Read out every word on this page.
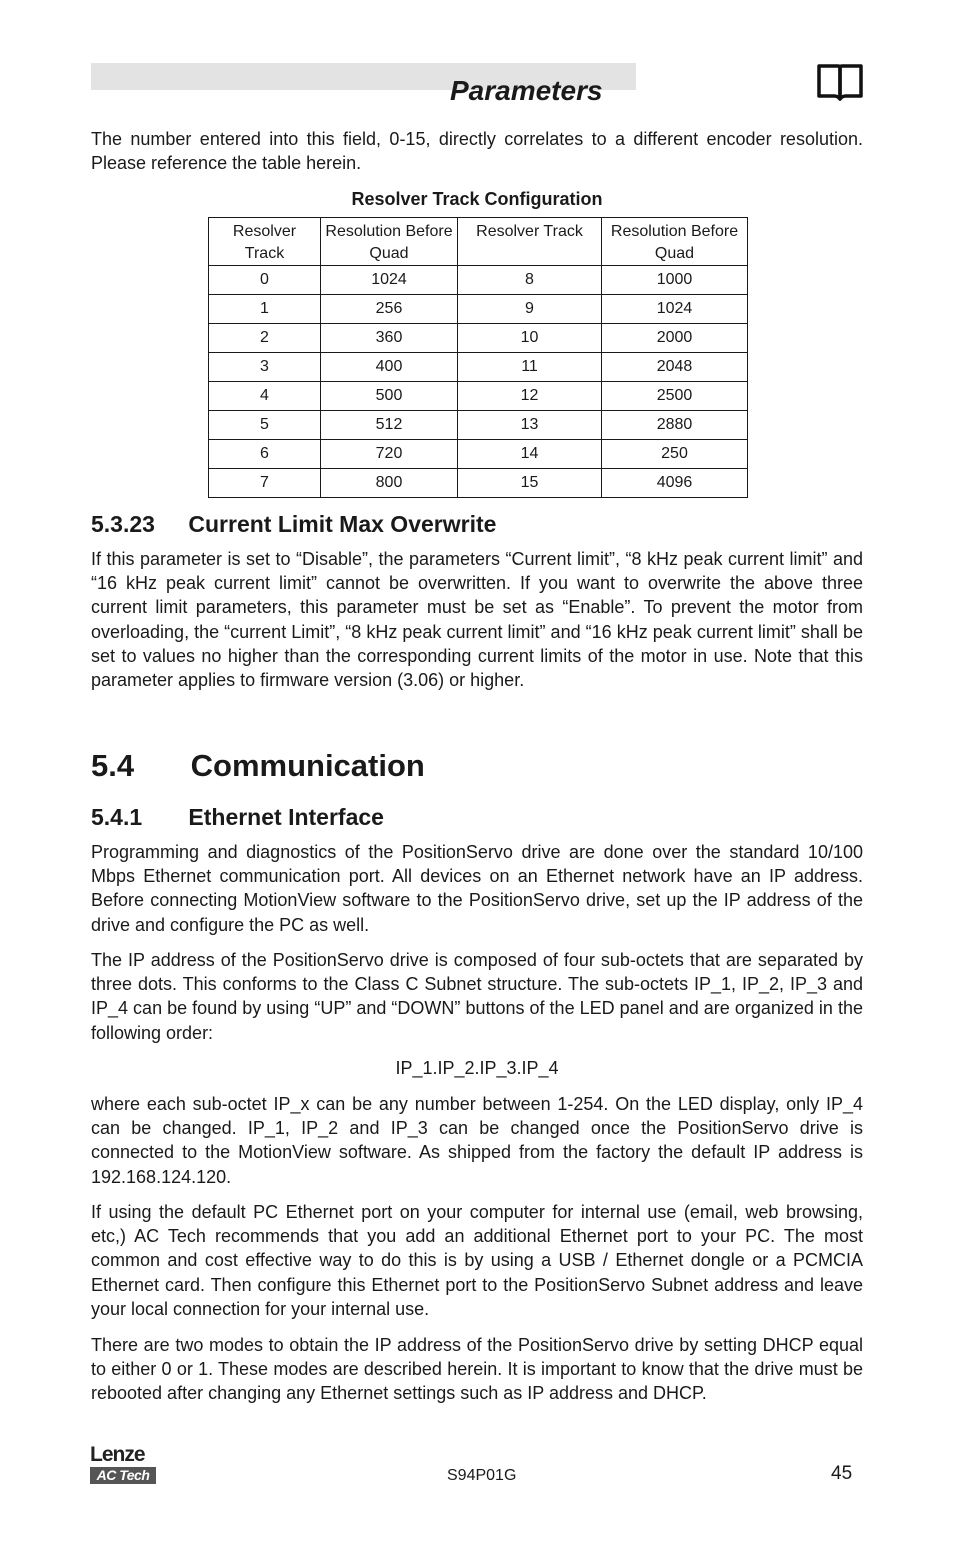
Parameters

The number entered into this field, 0-15, directly correlates to a different encoder resolution. Please reference the table herein.

Resolver Track Configuration

Resolver Track	Resolution Before Quad	Resolver Track	Resolution Before Quad
0	1024	8	1000
1	256	9	1024
2	360	10	2000
3	400	11	2048
4	500	12	2500
5	512	13	2880
6	720	14	250
7	800	15	4096
5.3.23 Current Limit Max Overwrite

If this parameter is set to “Disable”, the parameters “Current limit”, “8 kHz peak current limit” and “16 kHz peak current limit” cannot be overwritten. If you want to overwrite the above three current limit parameters, this parameter must be set as “Enable”. To prevent the motor from overloading, the “current Limit”, “8 kHz peak current limit” and “16 kHz peak current limit” shall be set to values no higher than the corresponding current limits of the motor in use. Note that this parameter applies to firmware version (3.06) or higher.

5.4 Communication
5.4.1 Ethernet Interface

Programming and diagnostics of the PositionServo drive are done over the standard 10/100 Mbps Ethernet communication port. All devices on an Ethernet network have an IP address. Before connecting MotionView software to the PositionServo drive, set up the IP address of the drive and configure the PC as well.

The IP address of the PositionServo drive is composed of four sub-octets that are separated by three dots. This conforms to the Class C Subnet structure. The sub-octets IP_1, IP_2, IP_3 and IP_4 can be found by using “UP” and “DOWN” buttons of the LED panel and are organized in the following order:

IP_1.IP_2.IP_3.IP_4

where each sub-octet IP_x can be any number between 1-254. On the LED display, only IP_4 can be changed. IP_1, IP_2 and IP_3 can be changed once the PositionServo drive is connected to the MotionView software. As shipped from the factory the default IP address is 192.168.124.120.

If using the default PC Ethernet port on your computer for internal use (email, web browsing, etc,) AC Tech recommends that you add an additional Ethernet port to your PC. The most common and cost effective way to do this is by using a USB / Ethernet dongle or a PCMCIA Ethernet card. Then configure this Ethernet port to the PositionServo Subnet address and leave your local connection for your internal use.

There are two modes to obtain the IP address of the PositionServo drive by setting DHCP equal to either 0 or 1. These modes are described herein. It is important to know that the drive must be rebooted after changing any Ethernet settings such as IP address and DHCP.

Lenze
AC Tech	S94P01G	45
